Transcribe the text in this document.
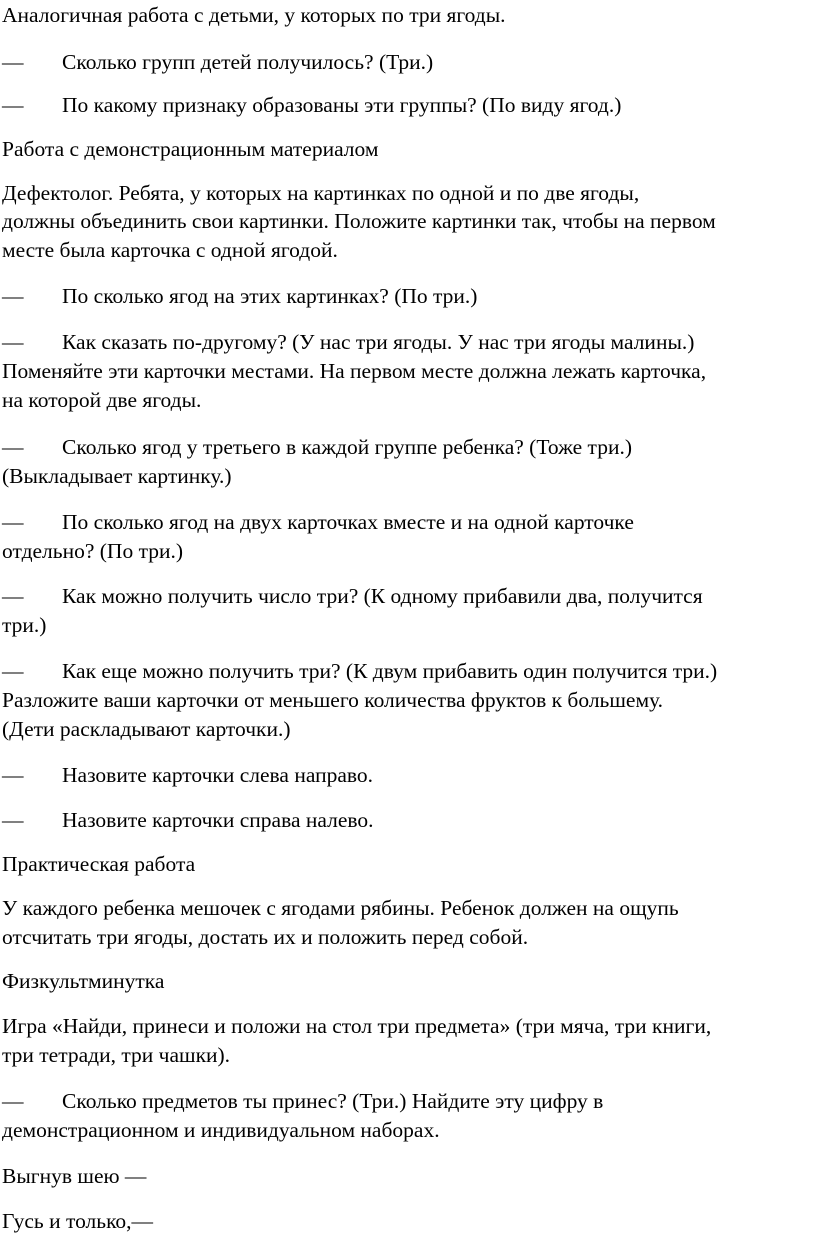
Аналогичная работа с детьми, у которых по три ягоды.
— Сколько групп детей получилось? (Три.)
— По какому признаку образованы эти группы? (По виду ягод.)
Работа с демонстрационным материалом
Дефектолог. Ребята, у которых на картинках по одной и по две ягоды,
должны объединить свои картинки. Положите картинки так, чтобы на первом
месте была карточка с одной ягодой.
— По сколько ягод на этих картинках? (По три.)
— Как сказать по-другому? (У нас три ягоды. У нас три ягоды малины.)
Поменяйте эти карточки местами. На первом месте должна лежать карточка,
на которой две ягоды.
— Сколько ягод у третьего в каждой группе ребенка? (Тоже три.)
(Выкладывает картинку.)
— По сколько ягод на двух карточках вместе и на одной карточке
отдельно? (По три.)
— Как можно получить число три? (К одному прибавили два, получится
три.)
— Как еще можно получить три? (К двум прибавить один получится три.)
Разложите ваши карточки от меньшего количества фруктов к большему.
(Дети раскладывают карточки.)
— Назовите карточки слева направо.
— Назовите карточки справа налево.
Практическая работа
У каждого ребенка мешочек с ягодами рябины. Ребенок должен на ощупь
отсчитать три ягоды, достать их и положить перед собой.
Физкультминутка
Игра «Найди, принеси и положи на стол три предмета» (три мяча, три книги,
три тетради, три чашки).
— Сколько предметов ты принес? (Три.) Найдите эту цифру в
демонстрационном и индивидуальном наборах.
Выгнув шею —
Гусь и только,—
